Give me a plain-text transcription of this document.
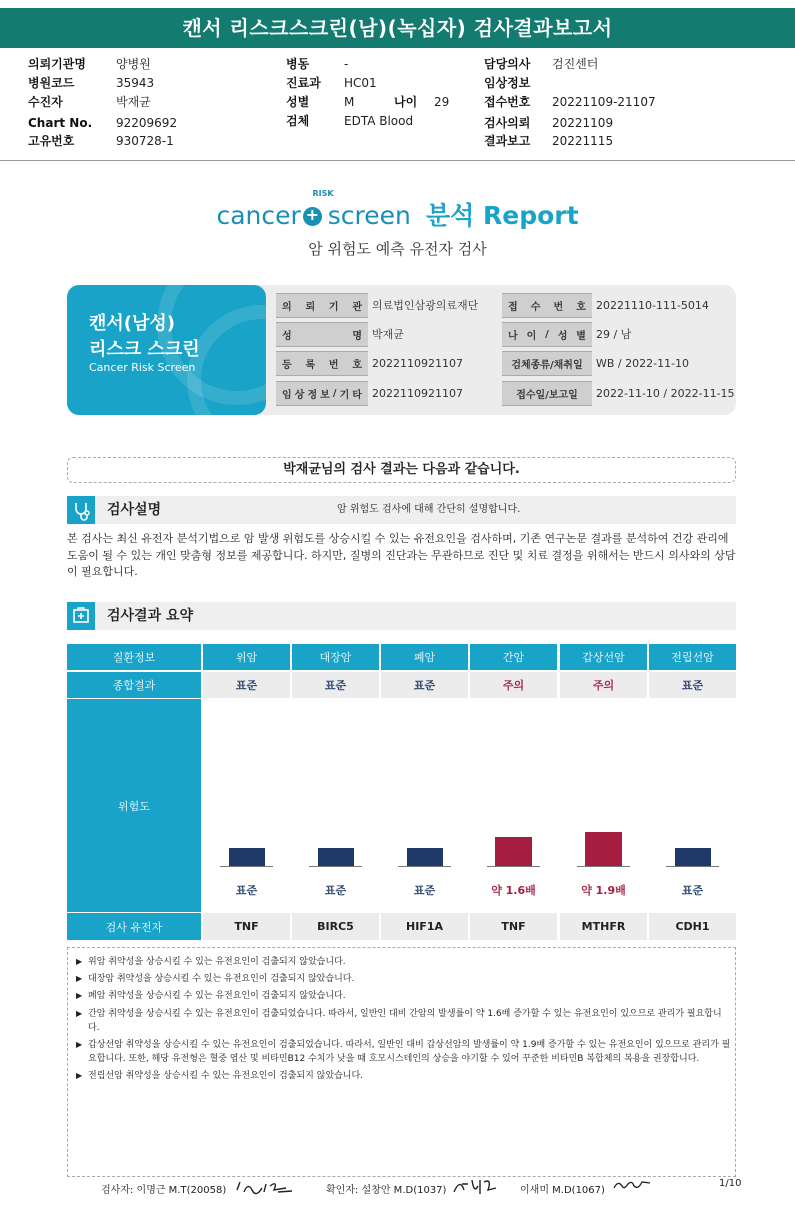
캔서 리스크스크린(남)(녹십자) 검사결과보고서
의뢰기관명	양병원
병원코드	35943
수진자	박재균
Chart No. 92209692
고유번호	930728-1
병동	-
진료과 HC01
성별	M
검체	EDTA Blood
나이 29
담당의사 검진센터
임상정보
접수번호 20221109-21107
검사의뢰 20221109
결과보고 20221115
cancer+ screen
RISK
분석 Report
암 위험도 예측 유전자 검사
캔서(남성)
리스크 스크린
Cancer Risk Screen
의 뢰 기 관 의료법인삼광의료재단	접 수 번 호 20221110-111-5014
성	명 박재균	나 이 / 성 별 29 / 남
등 록 번 호 2022110921107	검체종류/채취일	WB / 2022-11-10
임 상 정 보 / 기 타 2022110921107	접수일/보고일	2022-11-10 / 2022-11-15
박재균님의 검사 결과는 다음과 같습니다.
검사설명	암 위험도 검사에 대해 간단히 설명합니다.
본 검사는 최신 유전자 분석기법으로 암 발생 위험도를 상승시킬 수 있는 유전요인을 검사하며, 기존 연구논문 결과를 분석하여 건강 관리에
도움이 될 수 있는 개인 맞춤형 정보를 제공합니다. 하지만, 질병의 진단과는 무관하므로 진단 및 치료 결정을 위해서는 반드시 의사와의 상담
이 필요합니다.
검사결과 요약
질환정보
종합결과
위험도
검사 유전자
위암
표준
표준
TNF
대장암
표준
표준
BIRC5
폐암
표준
표준
HIF1A
간암
주의
약 1.6배
TNF
갑상선암
주의
약 1.9배
MTHFR
전립선암
표준
표준
CDH1
▶ 위암 취약성을 상승시킬 수 있는 유전요인이 검출되지 않았습니다.
▶ 대장암 취약성을 상승시킬 수 있는 유전요인이 검출되지 않았습니다.
▶ 폐암 취약성을 상승시킬 수 있는 유전요인이 검출되지 않았습니다.
▶ 간암 취약성을 상승시킬 수 있는 유전요인이 검출되었습니다. 따라서, 일반인 대비 간암의 발생률이 약 1.6배 증가할 수 있는 유전요인이 있으므로 관리가 필요합니다.
▶ 갑상선암 취약성을 상승시킬 수 있는 유전요인이 검출되었습니다. 따라서, 일반인 대비 갑상선암의 발생률이 약 1.9배 증가할 수 있는 유전요인이 있으므로 관리가 필요합니다. 또한, 해당 유전형은 혈중 엽산 및 비타민B12 수치가 낮을 때 호모시스테인의 상승을 야기할 수 있어 꾸준한 비타민B 복합체의 복용을 권장합니다.
▶ 전립선암 취약성을 상승시킬 수 있는 유전요인이 검출되지 않았습니다.
검사자: 이명근 M.T(20058)	확인자: 설창안 M.D(1037)	이새미 M.D(1067)
1/10
